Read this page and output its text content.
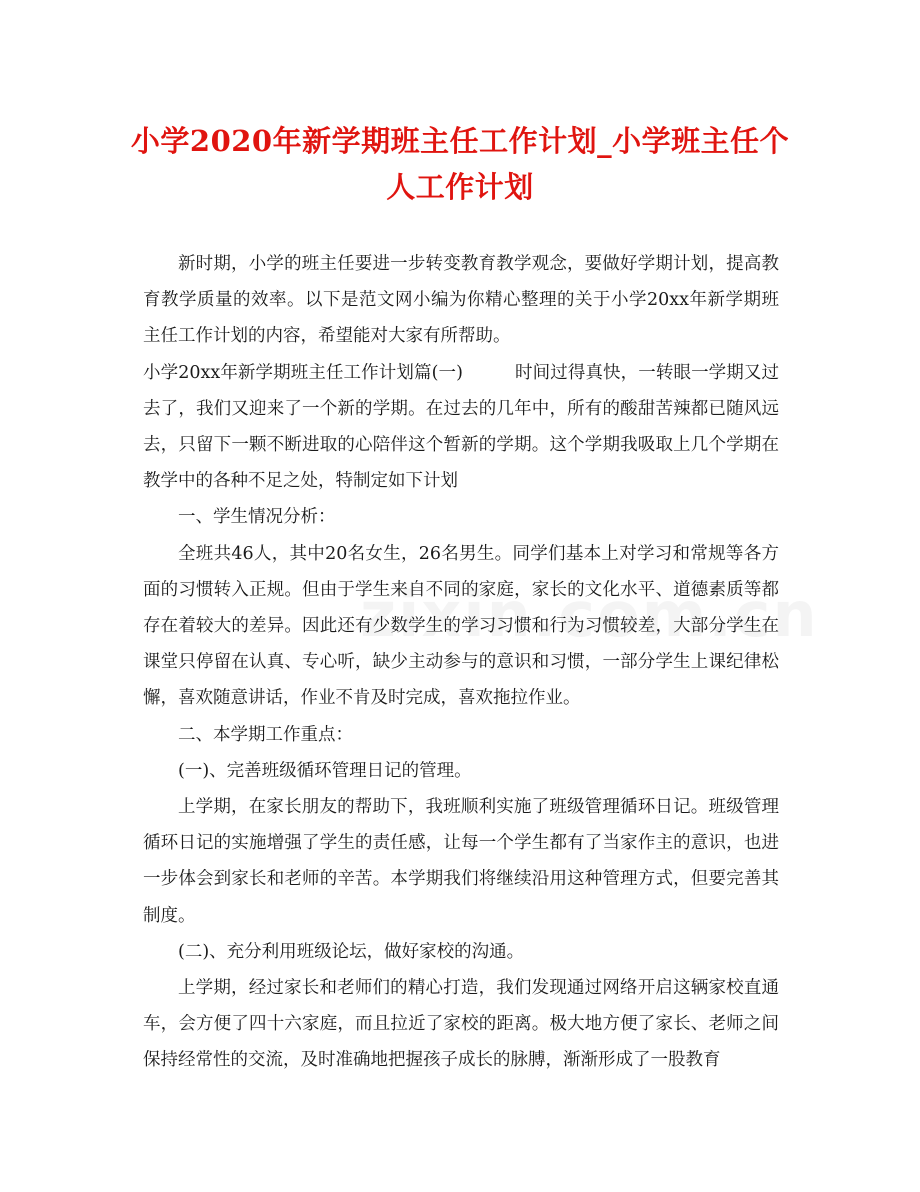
小学2020年新学期班主任工作计划_小学班主任个人工作计划

新时期，小学的班主任要进一步转变教育教学观念，要做好学期计划，提高教育教学质量的效率。以下是范文网小编为你精心整理的关于小学20xx年新学期班主任工作计划的内容，希望能对大家有所帮助。

小学20xx年新学期班主任工作计划篇(一)	时间过得真快，一转眼一学期又过去了，我们又迎来了一个新的学期。在过去的几年中，所有的酸甜苦辣都已随风远去，只留下一颗不断进取的心陪伴这个暂新的学期。这个学期我吸取上几个学期在教学中的各种不足之处，特制定如下计划

一、学生情况分析：

全班共46人，其中20名女生，26名男生。同学们基本上对学习和常规等各方面的习惯转入正规。但由于学生来自不同的家庭，家长的文化水平、道德素质等都存在着较大的差异。因此还有少数学生的学习习惯和行为习惯较差，大部分学生在课堂只停留在认真、专心听，缺少主动参与的意识和习惯，一部分学生上课纪律松懈，喜欢随意讲话，作业不肯及时完成，喜欢拖拉作业。

二、本学期工作重点：

(一)、完善班级循环管理日记的管理。

上学期，在家长朋友的帮助下，我班顺利实施了班级管理循环日记。班级管理循环日记的实施增强了学生的责任感，让每一个学生都有了当家作主的意识，也进一步体会到家长和老师的辛苦。本学期我们将继续沿用这种管理方式，但要完善其制度。

(二)、充分利用班级论坛，做好家校的沟通。

上学期，经过家长和老师们的精心打造，我们发现通过网络开启这辆家校直通车，会方便了四十六家庭，而且拉近了家校的距离。极大地方便了家长、老师之间保持经常性的交流，及时准确地把握孩子成长的脉膊，渐渐形成了一股教育
